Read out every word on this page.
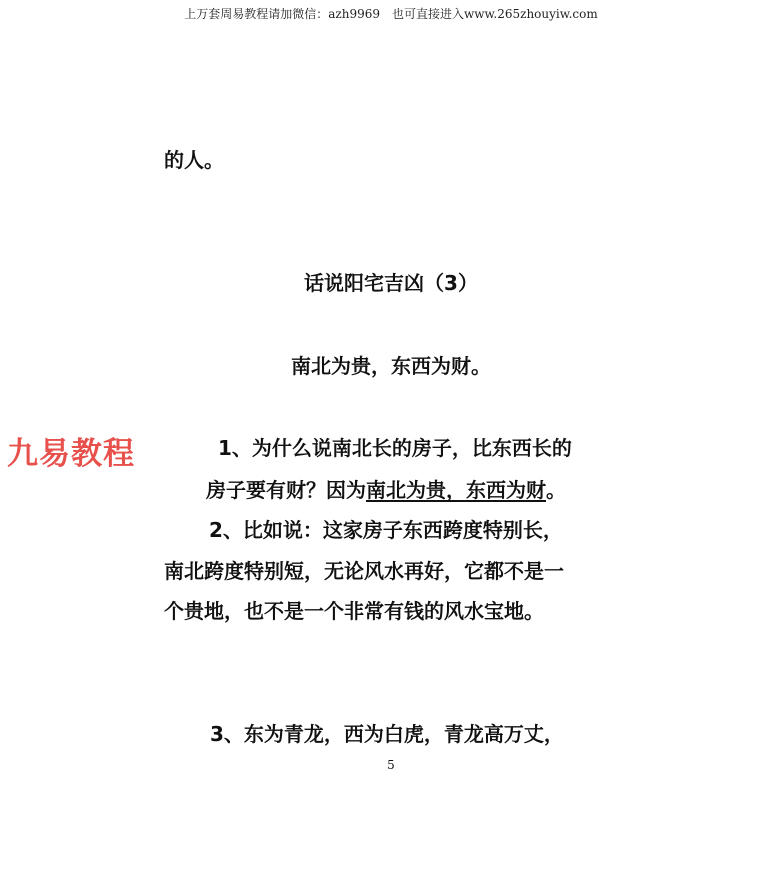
上万套周易教程请加微信：azh9969　也可直接进入www.265zhouyiw.com
的人。
话说阳宅吉凶（3）
南北为贵，东西为财。
九易教程	1、为什么说南北长的房子，比东西长的
房子要有财？因为南北为贵，东西为财。
2、比如说：这家房子东西跨度特别长，
南北跨度特别短，无论风水再好，它都不是一
个贵地，也不是一个非常有钱的风水宝地。
3、东为青龙，西为白虎，青龙高万丈，
5
